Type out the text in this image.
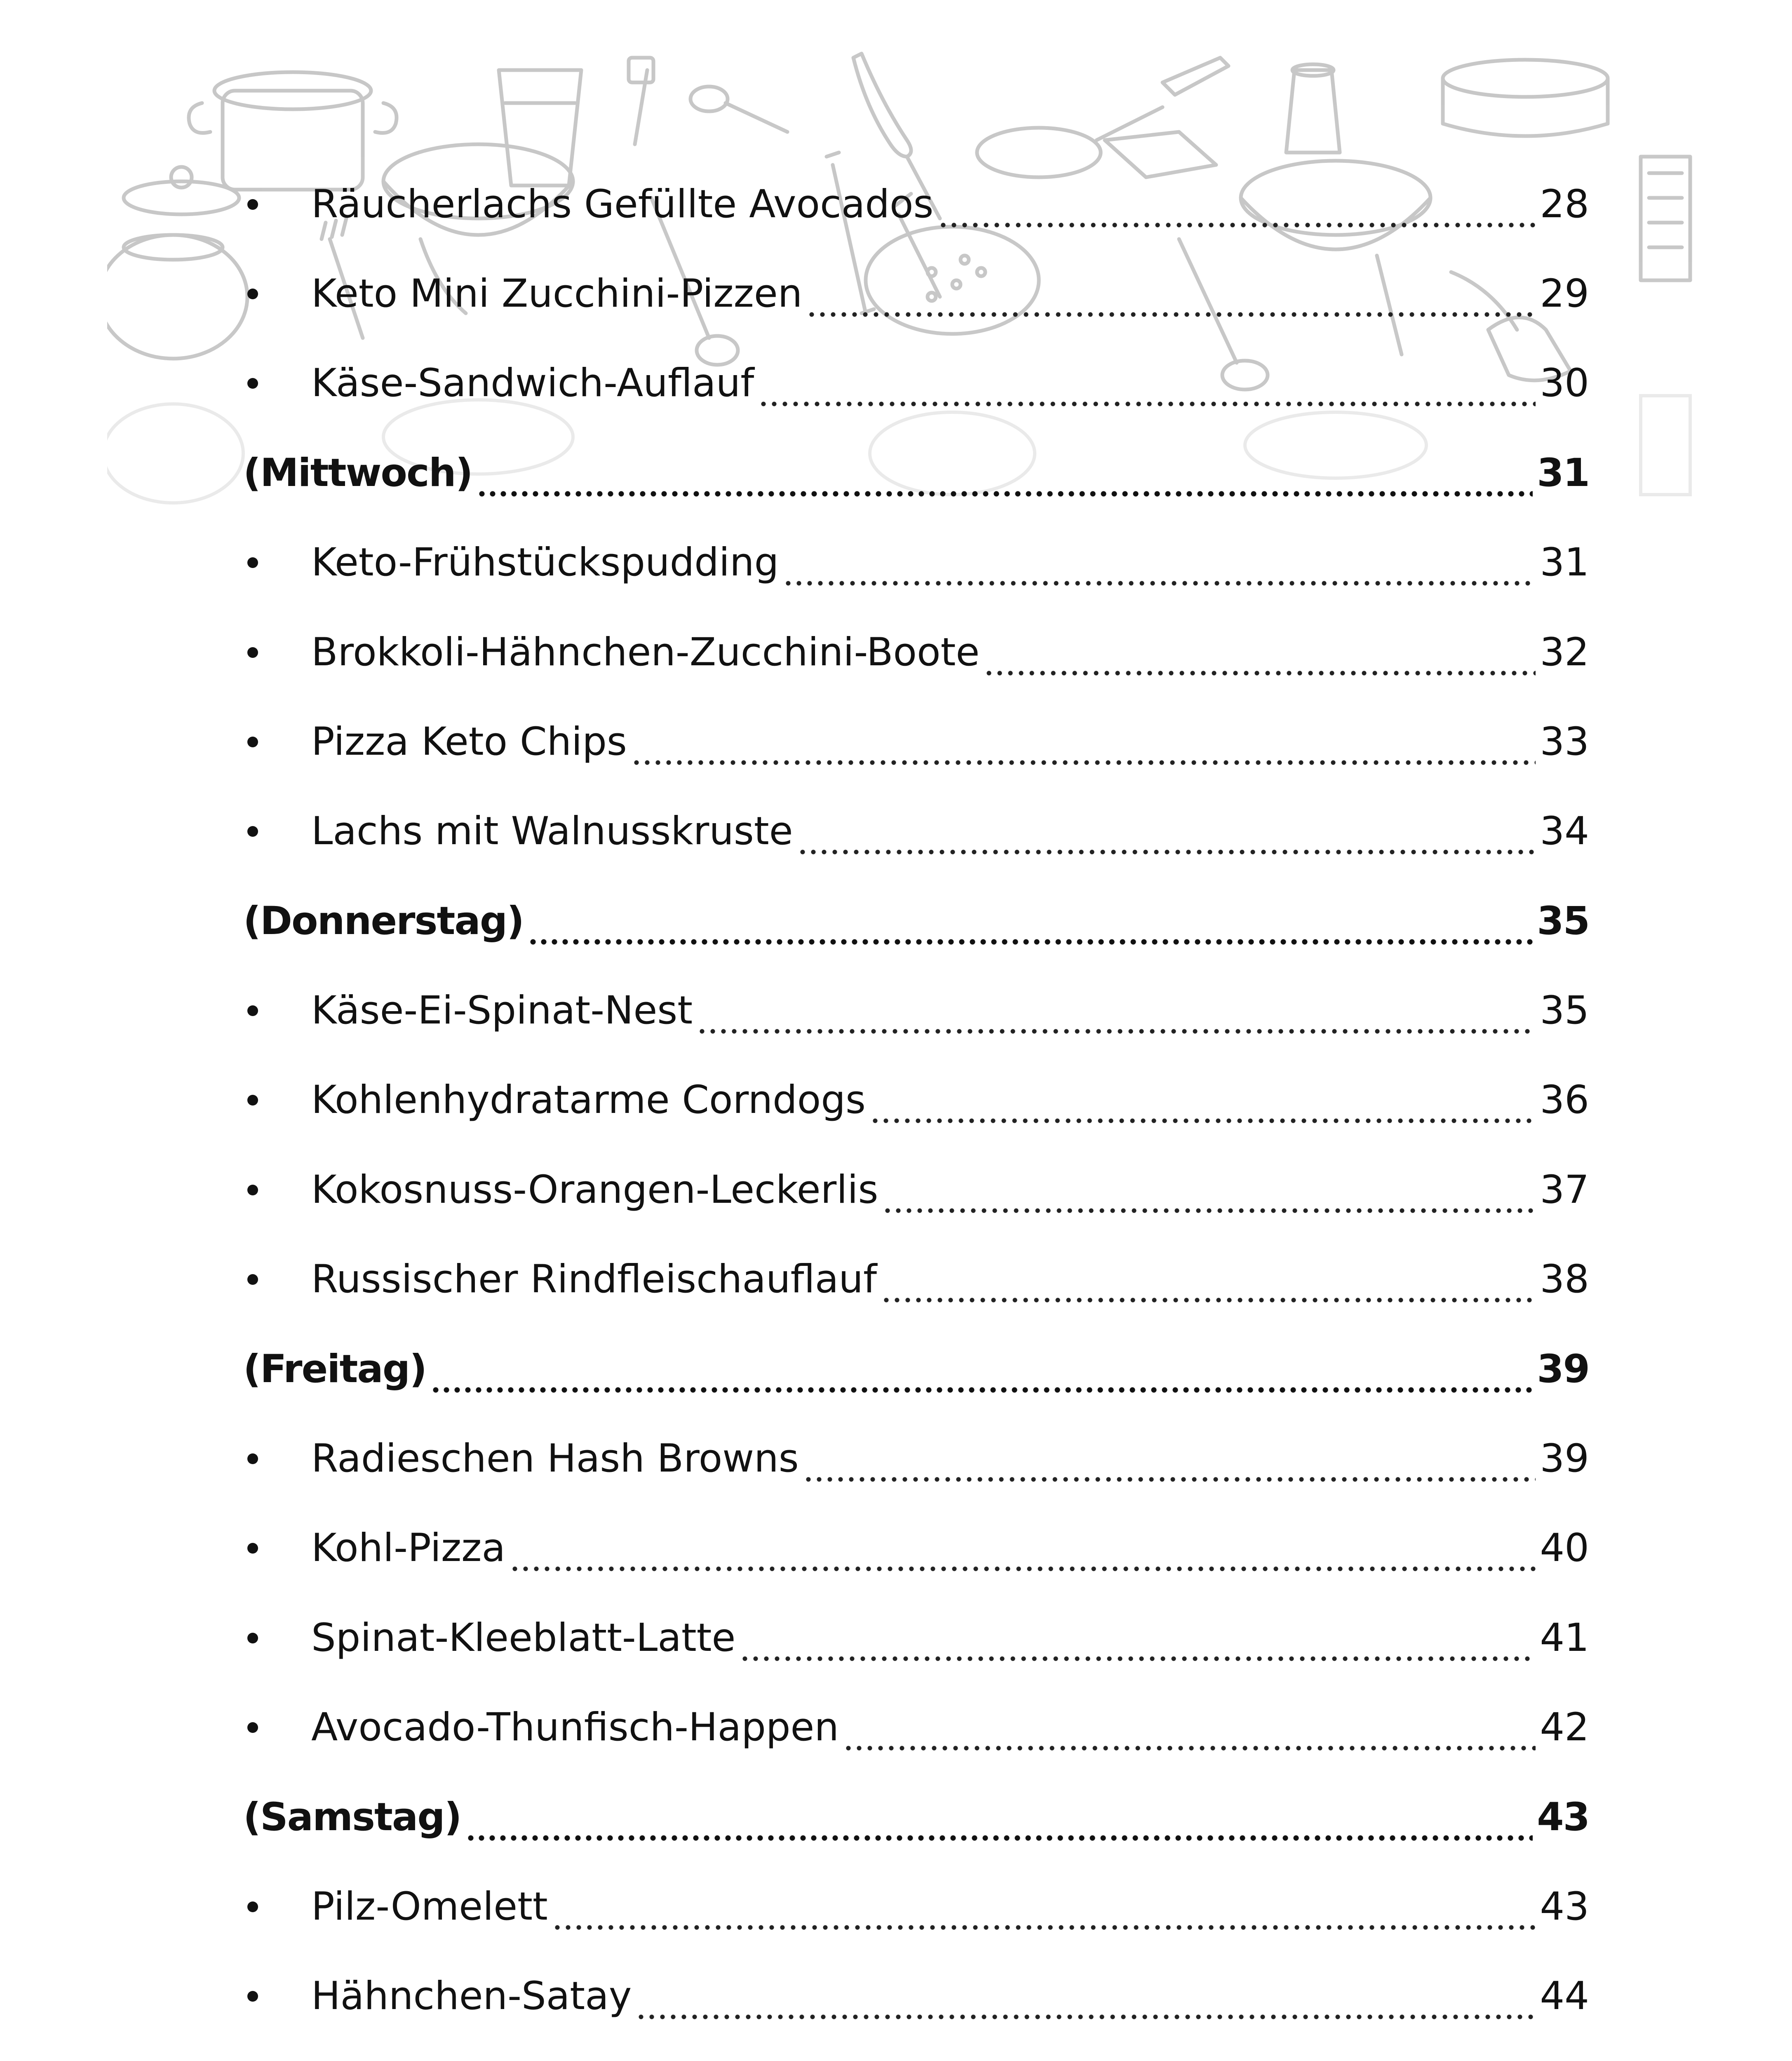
Räucherlachs Gefüllte Avocados	28
Keto Mini Zucchini-Pizzen	29
Käse-Sandwich-Auflauf	30
(Mittwoch)	31
Keto-Frühstückspudding	31
Brokkoli-Hähnchen-Zucchini-Boote	32
Pizza Keto Chips	33
Lachs mit Walnusskruste	34
(Donnerstag)	35
Käse-Ei-Spinat-Nest	35
Kohlenhydratarme Corndogs	36
Kokosnuss-Orangen-Leckerlis	37
Russischer Rindfleischauflauf	38
(Freitag)	39
Radieschen Hash Browns	39
Kohl-Pizza	40
Spinat-Kleeblatt-Latte	41
Avocado-Thunfisch-Happen	42
(Samstag)	43
Pilz-Omelett	43
Hähnchen-Satay	44
